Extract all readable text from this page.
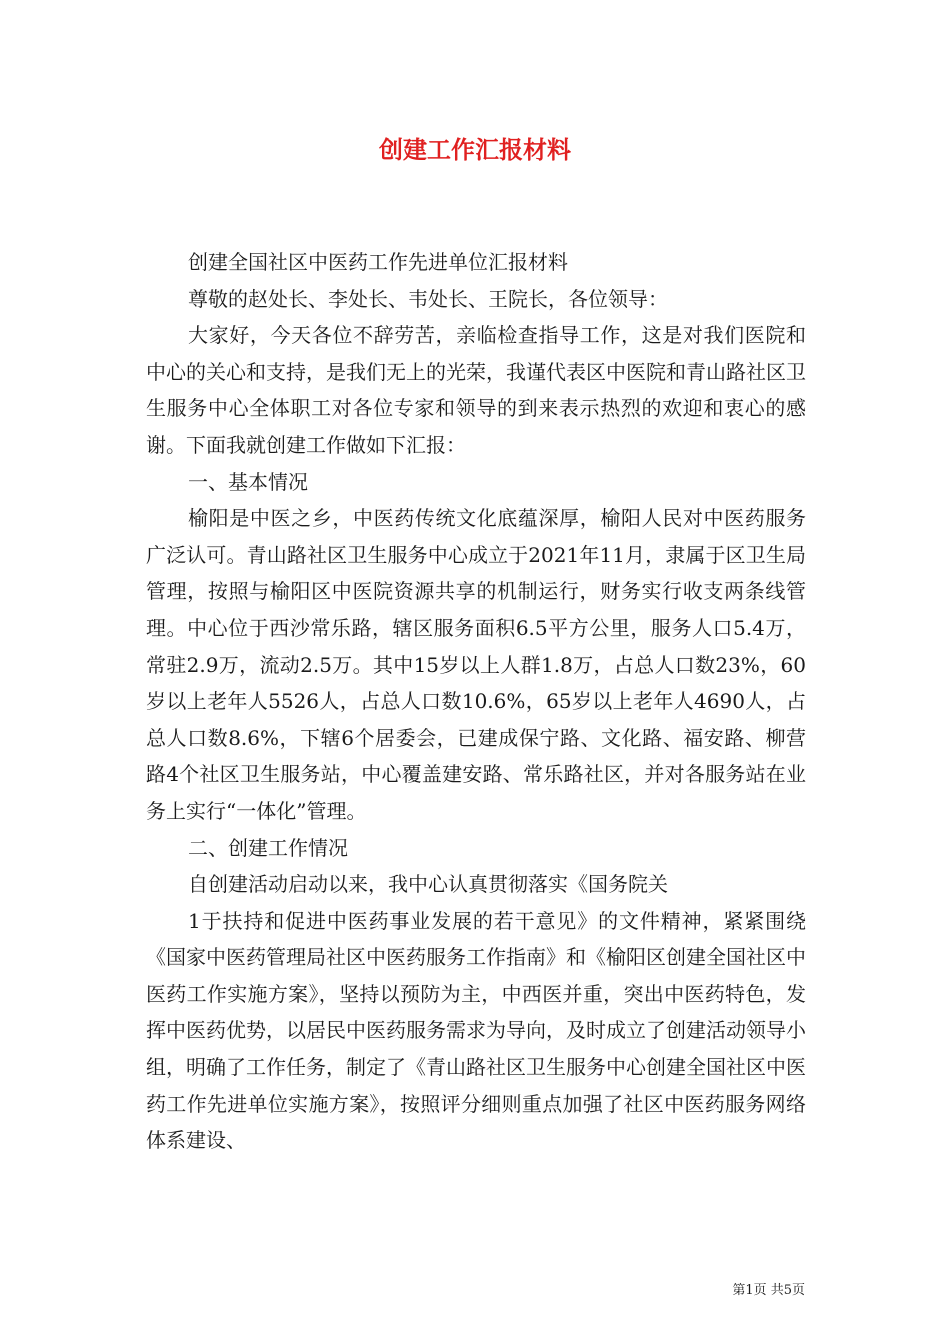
创建工作汇报材料

创建全国社区中医药工作先进单位汇报材料

尊敬的赵处长、李处长、韦处长、王院长，各位领导：

大家好，今天各位不辞劳苦，亲临检查指导工作，这是对我们医院和中心的关心和支持，是我们无上的光荣，我谨代表区中医院和青山路社区卫生服务中心全体职工对各位专家和领导的到来表示热烈的欢迎和衷心的感谢。下面我就创建工作做如下汇报：

一、基本情况

榆阳是中医之乡，中医药传统文化底蕴深厚，榆阳人民对中医药服务广泛认可。青山路社区卫生服务中心成立于2021年11月，隶属于区卫生局管理，按照与榆阳区中医院资源共享的机制运行，财务实行收支两条线管理。中心位于西沙常乐路，辖区服务面积6.5平方公里，服务人口5.4万，常驻2.9万，流动2.5万。其中15岁以上人群1.8万，占总人口数23%，60岁以上老年人5526人，占总人口数10.6%，65岁以上老年人4690人，占总人口数8.6%，下辖6个居委会，已建成保宁路、文化路、福安路、柳营路4个社区卫生服务站，中心覆盖建安路、常乐路社区，并对各服务站在业务上实行“一体化”管理。

二、创建工作情况

自创建活动启动以来，我中心认真贯彻落实《国务院关

1于扶持和促进中医药事业发展的若干意见》的文件精神，紧紧围绕《国家中医药管理局社区中医药服务工作指南》和《榆阳区创建全国社区中医药工作实施方案》，坚持以预防为主，中西医并重，突出中医药特色，发挥中医药优势，以居民中医药服务需求为导向，及时成立了创建活动领导小组，明确了工作任务，制定了《青山路社区卫生服务中心创建全国社区中医药工作先进单位实施方案》，按照评分细则重点加强了社区中医药服务网络体系建设、

第1页 共5页
